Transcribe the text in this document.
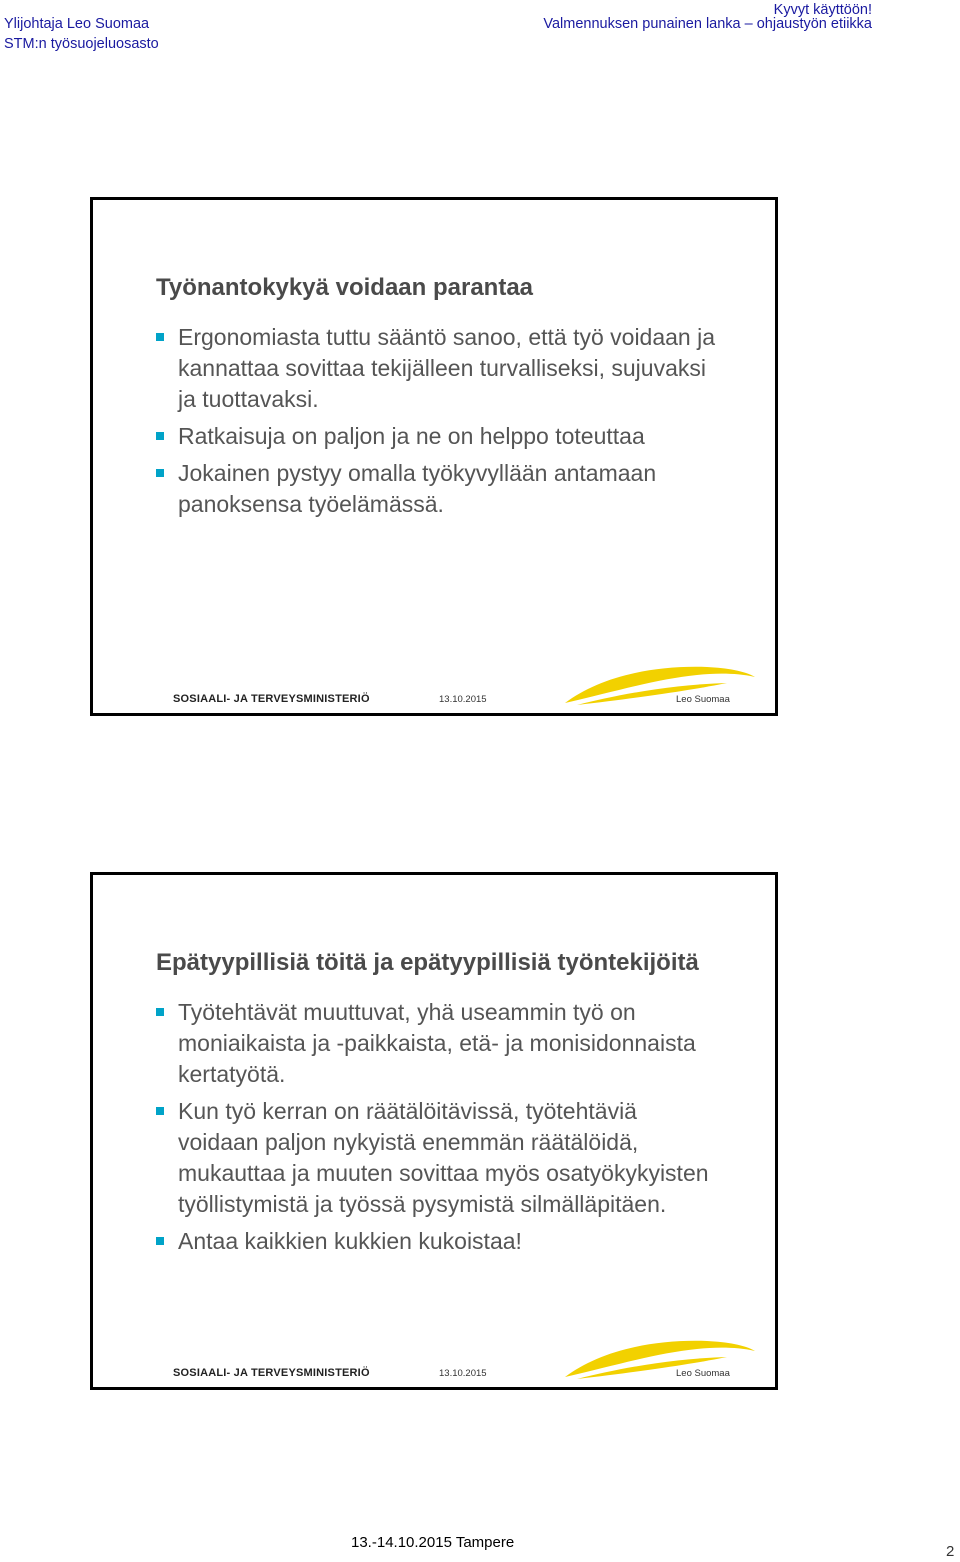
Ylijohtaja Leo Suomaa
STM:n työsuojeluosasto
Kyvyt käyttöön!
Valmennuksen punainen lanka – ohjaustyön etiikka
Työnantokykyä voidaan parantaa
Ergonomiasta tuttu sääntö sanoo, että työ voidaan ja kannattaa sovittaa tekijälleen turvalliseksi, sujuvaksi ja tuottavaksi.
Ratkaisuja on paljon ja ne on helppo toteuttaa
Jokainen pystyy omalla työkyvyllään antamaan panoksensa työelämässä.
SOSIAALI- JA TERVEYSMINISTERIÖ	13.10.2015	Leo Suomaa
Epätyypillisiä töitä ja epätyypillisiä työntekijöitä
Työtehtävät muuttuvat, yhä useammin työ on moniaikaista ja -paikkaista, etä- ja monisidonnaista kertatyötä.
Kun työ kerran on räätälöitävissä, työtehtäviä voidaan paljon nykyistä enemmän räätälöidä, mukauttaa ja muuten sovittaa myös osatyökykyisten työllistymistä ja työssä pysymistä silmälläpitäen.
Antaa kaikkien kukkien kukoistaa!
SOSIAALI- JA TERVEYSMINISTERIÖ	13.10.2015	Leo Suomaa
13.-14.10.2015 Tampere
2
